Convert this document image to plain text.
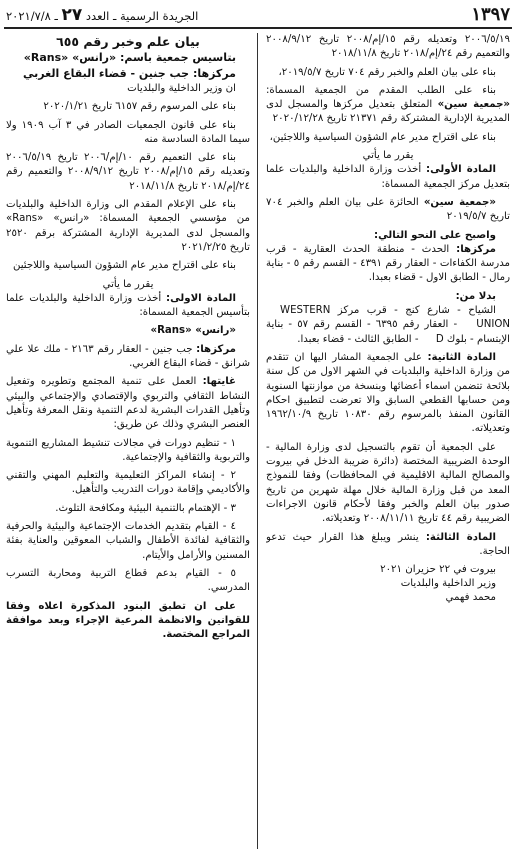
١٣٩٧
الجريدة الرسمية ـ العدد ٢٧ ـ ٢٠٢١/٧/٨

٢٠٠٦/٥/١٩ وتعديله رقم ١٥/إم/٢٠٠٨ تاريخ ٢٠٠٨/٩/١٢ والتعميم رقم ٢٤/إم/٢٠١٨ تاريخ ٢٠١٨/١١/٨

بناء على بيان العلم والخبر رقم ٧٠٤ تاريخ ٢٠١٩/٥/٧،

بناء على الطلب المقدم من الجمعية المسماة: «جمعية سين» المتعلق بتعديل مركزها والمسجل لدى المديرية الإدارية المشتركة رقم ٢١٣٧١ تاريخ ٢٠٢٠/١٢/٢٨

بناء على اقتراح مدير عام الشؤون السياسية واللاجئين،

يقرر ما يأتي

المادة الأولى: أخذت وزارة الداخلية والبلديات علما بتعديل مركز الجمعية المسماة:

«جمعية سين» الحائزة على بيان العلم والخبر ٧٠٤ تاريخ ٢٠١٩/٥/٧

واصبح على النحو التالي:

مركزها: الحدث - منطقة الحدث العقارية - قرب مدرسة الكفاءات - العقار رقم ٤٣٩١ - القسم رقم ٥ - بناية رمال - الطابق الاول - قضاء بعبدا.

بدلا من:

الشياح - شارع كنج - قرب مركز WESTERN UNION - العقار رقم ٦٣٩٥ - القسم رقم ٥٧ - بناية الإبتسام - بلوك D - الطابق الثالث - قضاء بعبدا.

المادة الثانية: على الجمعية المشار اليها ان تتقدم من وزارة الداخلية والبلديات في الشهر الاول من كل سنة بلائحة تتضمن اسماء أعضائها وبنسخة من موازنتها السنوية ومن حسابها القطعي السابق والا تعرضت لتطبيق احكام القانون المنفذ بالمرسوم رقم ١٠٨٣٠ تاريخ ١٩٦٢/١٠/٩ وتعديلاته.

على الجمعية أن تقوم بالتسجيل لدى وزارة المالية - الوحدة الضريبية المختصة (دائرة ضريبة الدخل في بيروت والمصالح المالية الاقليمية في المحافظات) وفقا للنموذج المعد من قبل وزارة المالية خلال مهلة شهرين من تاريخ صدور بيان العلم والخبر وفقا لأحكام قانون الاجراءات الضريبية رقم ٤٤ تاريخ ٢٠٠٨/١١/١١ وتعديلاته.

المادة الثالثة: ينشر ويبلغ هذا القرار حيث تدعو الحاجة.

بيروت في ٢٢ حزيران ٢٠٢١

وزير الداخلية والبلديات

محمد فهمي

بيان علم وخبر رقم ٦٥٥

بتاسيس جمعية باسم: «رانس» «Rans»

مركزها: جب جنين - قضاء البقاع الغربي

ان وزير الداخلية والبلديات

بناء على المرسوم رقم ٦١٥٧ تاريخ ٢٠٢٠/١/٢١

بناء على قانون الجمعيات الصادر في ٣ آب ١٩٠٩ ولا سيما المادة السادسة منه

بناء على التعميم رقم ١٠/إم/٢٠٠٦ تاريخ ٢٠٠٦/٥/١٩ وتعديله رقم ١٥/إم/٢٠٠٨ تاريخ ٢٠٠٨/٩/١٢ والتعميم رقم ٢٤/إم/٢٠١٨ تاريخ ٢٠١٨/١١/٨

بناء على الإعلام المقدم الى وزارة الداخلية والبلديات من مؤسسي الجمعية المسماة: «رانس» «Rans» والمسجل لدى المديرية الإدارية المشتركة برقم ٢٥٢٠ تاريخ ٢٠٢١/٢/٢٥

بناء على اقتراح مدير عام الشؤون السياسية واللاجئين

يقرر ما يأتي

المادة الاولى: أخذت وزارة الداخلية والبلديات علما بتأسيس الجمعية المسماة:

«رانس» «Rans»

مركزها: جب جنين - العقار رقم ٢١٦٣ - ملك علا علي شرانق - قضاء البقاع الغربي.

غايتها: العمل على تنمية المجتمع وتطويره وتفعيل النشاط الثقافي والتربوي والإقتصادي والإجتماعي والبيئي وتأهيل القدرات البشرية لدعم التنمية ونقل المعرفة وتأهيل العنصر البشري وذلك عن طريق:

١ - تنظيم دورات في مجالات تنشيط المشاريع التنموية والتربوية والثقافية والإجتماعية.

٢ - إنشاء المراكز التعليمية والتعليم المهني والتقني والأكاديمي وإقامة دورات التدريب والتأهيل.

٣ - الإهتمام بالتنمية البيئية ومكافحة التلوث.

٤ - القيام بتقديم الخدمات الإجتماعية والبيئية والحرفية والثقافية لفائدة الأطفال والشباب المعوقين والعناية بفئة المسنين والأرامل والأيتام.

٥ - القيام بدعم قطاع التربية ومحاربة التسرب المدرسي.

على ان تطبق البنود المذكورة اعلاه وفقا للقوانين والانظمة المرعية الإجراء وبعد موافقة المراجع المختصة.
